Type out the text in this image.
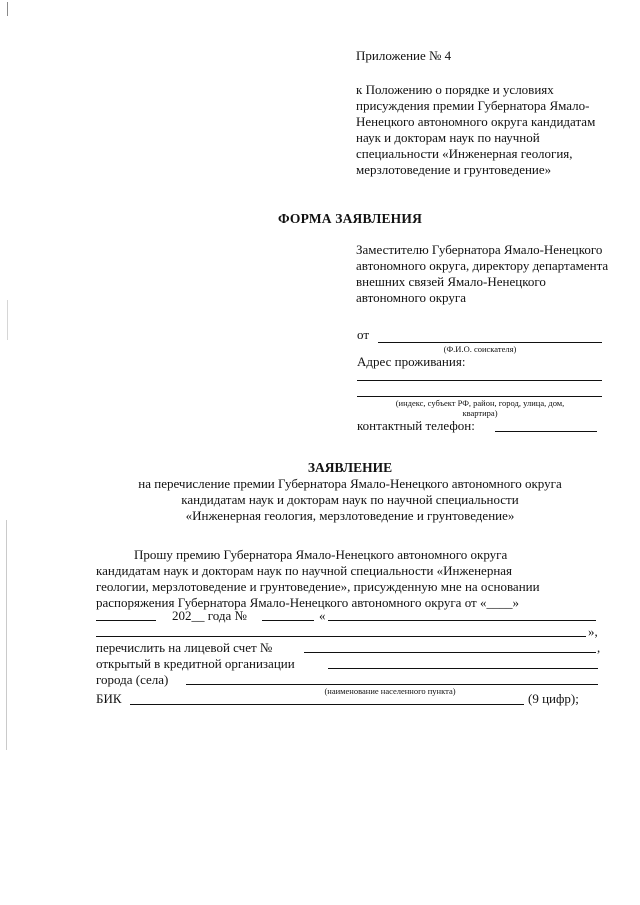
Приложение № 4
к Положению о порядке и условиях присуждения премии Губернатора Ямало-Ненецкого автономного округа кандидатам наук и докторам наук по научной специальности «Инженерная геология, мерзлотоведение и грунтоведение»
ФОРМА ЗАЯВЛЕНИЯ
Заместителю Губернатора Ямало-Ненецкого автономного округа, директору департамента внешних связей Ямало-Ненецкого автономного округа
от
(Ф.И.О. соискателя)
Адрес проживания:
(индекс, субъект РФ, район, город, улица, дом,
квартира)
контактный телефон:
ЗАЯВЛЕНИЕ
на перечисление премии Губернатора Ямало-Ненецкого автономного округа
кандидатам наук и докторам наук по научной специальности
«Инженерная геология, мерзлотоведение и грунтоведение»
Прошу премию Губернатора Ямало-Ненецкого автономного округа
кандидатам наук и докторам наук по научной специальности «Инженерная
геологии, мерзлотоведение и грунтоведение», присужденную мне на основании
распоряжения Губернатора Ямало-Ненецкого автономного округа от «____»
202__ года №	«
»,
перечислить на лицевой счет №	,
открытый в кредитной организации
города (села)
(наименование населенного пункта)
БИК	(9 цифр);
